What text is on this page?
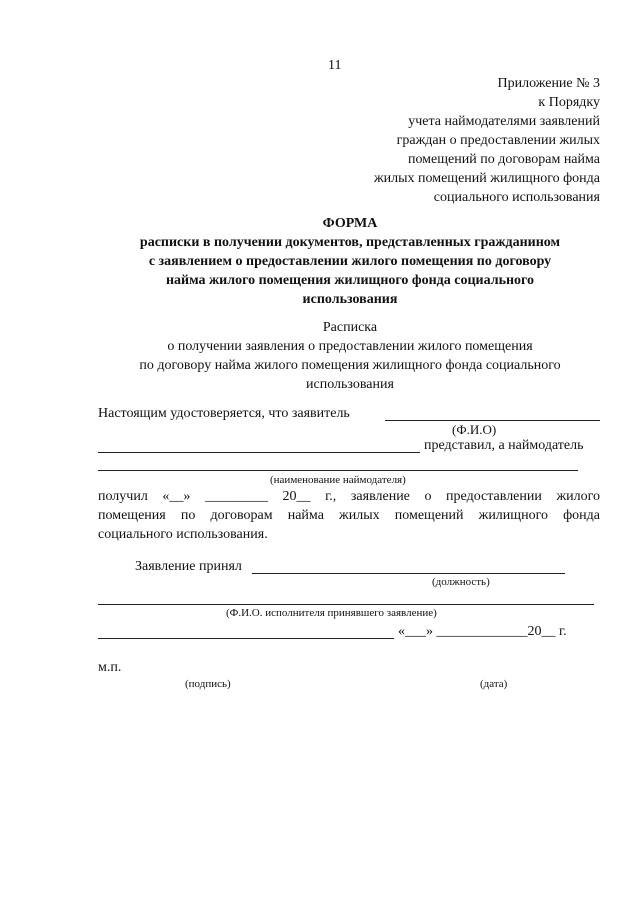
11
Приложение № 3
к Порядку
учета наймодателями заявлений
граждан о предоставлении жилых
помещений по договорам найма
жилых помещений жилищного фонда
социального использования
ФОРМА
расписки в получении документов, представленных гражданином
с заявлением о предоставлении жилого помещения по договору
найма жилого помещения жилищного фонда социального
использования
Расписка
о получении заявления о предоставлении жилого помещения
по договору найма жилого помещения жилищного фонда социального
использования
Настоящим удостоверяется, что заявитель
(Ф.И.О)
представил, а наймодатель
(наименование наймодателя)
получил «__» _________ 20__ г., заявление о предоставлении жилого
помещения по договорам найма жилых помещений жилищного фонда
социального использования.
Заявление принял
(должность)
(Ф.И.О. исполнителя принявшего заявление)
«___» _____________20__ г.
м.п.
(подпись)	(дата)
